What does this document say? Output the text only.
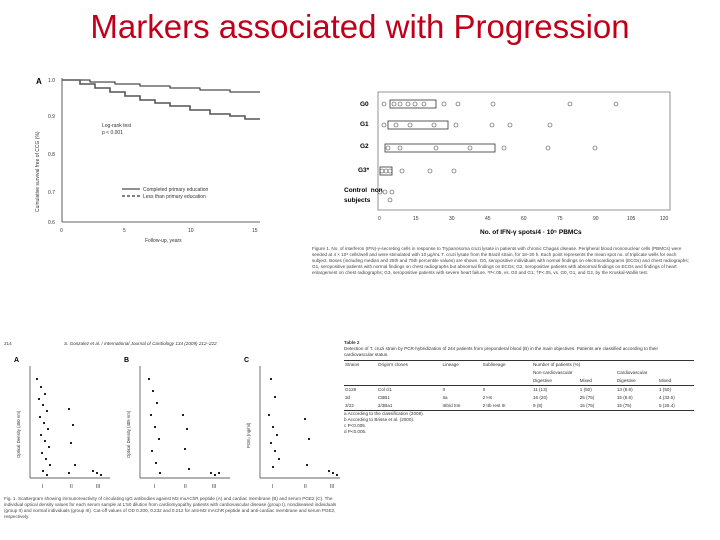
Markers associated with Progression
A 1.0
0.9
0.8
0.7
0.6
0	5	10	15
Follow-up, years
Cumulative survival free of CCG (%)
Log-rank test
p < 0.001
Completed primary education
Less than primary education
G0
G1
G2
G3*
Control  non
subjects
0	15	30	45	60	75	90	105	120
No. of IFN-γ spots/4 · 10⁵ PBMCs
Figure 1. No. of interferon (IFN)-γ-secreting cells in response to Trypanosoma cruzi lysate in patients with chronic Chagas disease. Peripheral blood mononuclear cells (PBMCs) were seeded at 4 × 10⁵ cells/well and were stimulated with 10 µg/mL T. cruzi lysate from the Brazil strain, for 18–20 h. Each point represents the mean spot no. of triplicate wells for each subject. Boxes (including median and 25th and 75th percentile values) are shown. G0, seropositive individuals with normal findings on electrocardiograms (ECGs) and chest radiographs; G1, seropositive patients with normal findings on chest radiographs but abnormal findings on ECGs; G2, seropositive patients with abnormal findings on ECGs and findings of heart enlargement on chest radiographs; G3, seropositive patients with severe heart failure. *P<.05, vs. G0 and G1; †P<.05, vs. G0, G1, and G2, by the Kruskal-Wallis test.
214	S. Gonzalez et al. / International Journal of Cardiology 134 (2009) 212–222
A	B	C
Optical Density (450 nm)	Optical Density (405 nm)	PGE₂ (ng/ml)
I	II	III	I	II	III	I	II	III
Fig. 1. Scattergram showing immunoreactivity of circulating IgG antibodies against M2 muAChR peptide (A) and cardiac membrane (B) and serum PGE2 (C). The individual optical density values for each serum sample at 1:50 dilution from cardiomyopathy patients with cardiovascular disease (group I), nondiseased individuals (group II) and normal individuals (group III). Cut-off values of OD 0.200, 0.232 and 0.212 for anti-M2 mAChR peptide and anti-cardiac membrane and serum PGE2, respectively.
Table 2
Detection of T. cruzi strain by PCR-hybridization of 244 patients from preponderal blood (B) in the main objectives. Patients are classified according to their cardiovascular status.
Strains	Origin’s clones	Lineage	Sublineage	Number of patients (%)			
				Non-cardiovascular		Cardiovascular	
				Digestive	Mixed	Digestive	Mixed
G128	Col cl1	II	II	11 (13)	1 (50)	13 (8.8)	1 (50)
3d	CBB1	IIa	2 Hs	16 (20)	25 (75)	15 (8.8)	4 (33.5)
3/22	3/3Ba1	IIIb/d IIIe	2 IIb rest III	9 (8)	15 (75)	15 (75)	5 (25.4)
a According to the classification (2008).
b According to Brisse et al. (2000).
c P<0.005.
d P<0.005.
